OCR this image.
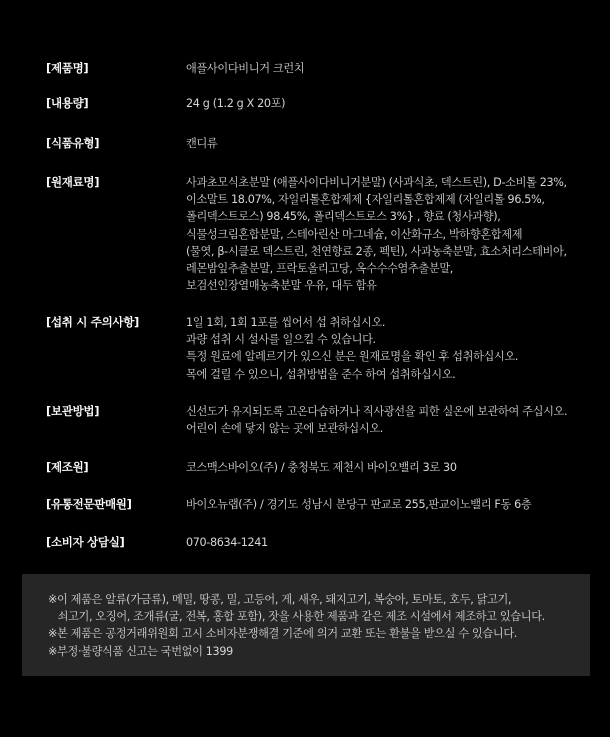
[제품명]	애플사이다비니거 크런치
[내용량]	24 g (1.2 g X 20포)
[식품유형]	캔디류
[원재료명]	사과초모식초분말 (애플사이다비니거분말) (사과식초, 덱스트린), D-소비톨 23%,
이소말트 18.07%, 자일리톨혼합제제 {자일리톨혼합제제 (자일리톨 96.5%,
폴리덱스트로스) 98.45%, 폴리덱스트로스 3%} , 향료 (청사과향),
식물성크림혼합분말, 스테아린산 마그네슘, 이산화규소, 박하향혼합제제
(물엿, β-시클로 덱스트린, 천연향료 2종, 펙틴), 사과농축분말, 효소처리스테비아,
레몬밤잎추출분말, 프락토올리고당, 옥수수수염추출분말,
보검선인장열매농축분말 우유, 대두 함유
[섭취 시 주의사항]	1일 1회, 1회 1포를 씹어서 섭 취하십시오.
과량 섭취 시 설사를 일으킬 수 있습니다.
특정 원료에 알레르기가 있으신 분은 원재료명을 확인 후 섭취하십시오.
목에 걸릴 수 있으니, 섭취방법을 준수 하여 섭취하십시오.
[보관방법]	신선도가 유지되도록 고온다습하거나 직사광선을 피한 실온에 보관하여 주십시오.
어린이 손에 닿지 않는 곳에 보관하십시오.
[제조원]	코스맥스바이오(주) / 충청북도 제천시 바이오밸리 3로 30
[유통전문판매원]	바이오뉴랩(주) / 경기도 성남시 분당구 판교로 255,판교이노밸리 F동 6층
[소비자 상담실]	070-8634-1241
※이 제품은 알류(가금류), 메밀, 땅콩, 밀, 고등어, 게, 새우, 돼지고기, 복숭아, 토마토, 호두, 닭고기,
쇠고기, 오징어, 조개류(굴, 전복, 홍합 포함), 잣을 사용한 제품과 같은 제조 시설에서 제조하고 있습니다.
※본 제품은 공정거래위원회 고시 소비자분쟁해결 기준에 의거 교환 또는 환불을 받으실 수 있습니다.
※부정·불량식품 신고는 국번없이 1399
